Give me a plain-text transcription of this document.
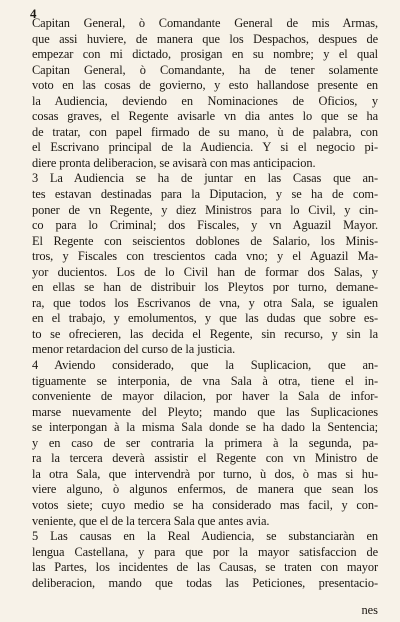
4
Capitan General, ò Comandante General de mis Armas,
que assi huviere, de manera que los Despachos, despues de
empezar con mi dictado, prosigan en su nombre; y el qual
Capitan General, ò Comandante, ha de tener solamente
voto en las cosas de govierno, y esto hallandose presente en
la Audiencia, deviendo en Nominaciones de Oficios, y
cosas graves, el Regente avisarle vn dia antes lo que se ha
de tratar, con papel firmado de su mano, ù de palabra, con
el Escrivano principal de la Audiencia. Y si el negocio pi-
diere pronta deliberacion, se avisarà con mas anticipacion.
3 La Audiencia se ha de juntar en las Casas que an-
tes estavan destinadas para la Diputacion, y se ha de com-
poner de vn Regente, y diez Ministros para lo Civil, y cin-
co para lo Criminal; dos Fiscales, y vn Aguazil Mayor.
El Regente con seiscientos doblones de Salario, los Minis-
tros, y Fiscales con trescientos cada vno; y el Aguazil Ma-
yor ducientos. Los de lo Civil han de formar dos Salas, y
en ellas se han de distribuir los Pleytos por turno, demane-
ra, que todos los Escrivanos de vna, y otra Sala, se igualen
en el trabajo, y emolumentos, y que las dudas que sobre es-
to se ofrecieren, las decida el Regente, sin recurso, y sin la
menor retardacion del curso de la justicia.
4 Aviendo considerado, que la Suplicacion, que an-
tiguamente se interponia, de vna Sala à otra, tiene el in-
conveniente de mayor dilacion, por haver la Sala de infor-
marse nuevamente del Pleyto; mando que las Suplicaciones
se interpongan à la misma Sala donde se ha dado la Sentencia;
y en caso de ser contraria la primera à la segunda, pa-
ra la tercera deverà assistir el Regente con vn Ministro de
la otra Sala, que intervendrà por turno, ù dos, ò mas si hu-
viere alguno, ò algunos enfermos, de manera que sean los
votos siete; cuyo medio se ha considerado mas facil, y con-
veniente, que el de la tercera Sala que antes avia.
5 Las causas en la Real Audiencia, se substanciaràn en
lengua Castellana, y para que por la mayor satisfaccion de
las Partes, los incidentes de las Causas, se traten con mayor
deliberacion, mando que todas las Peticiones, presentacio-
nes
